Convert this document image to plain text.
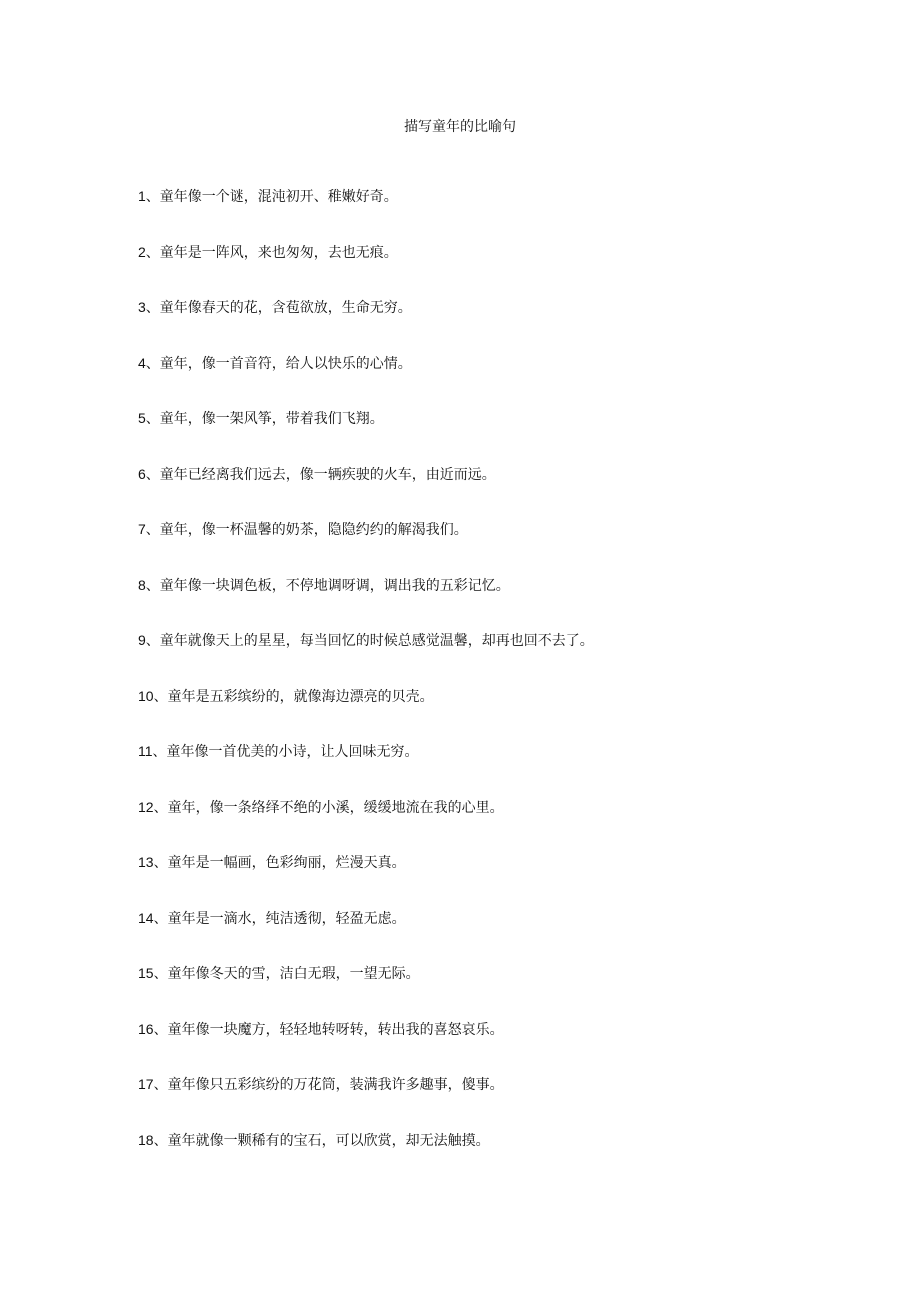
描写童年的比喻句
1、童年像一个谜，混沌初开、稚嫩好奇。
2、童年是一阵风，来也匆匆，去也无痕。
3、童年像春天的花，含苞欲放，生命无穷。
4、童年，像一首音符，给人以快乐的心情。
5、童年，像一架风筝，带着我们飞翔。
6、童年已经离我们远去，像一辆疾驶的火车，由近而远。
7、童年，像一杯温馨的奶茶，隐隐约约的解渴我们。
8、童年像一块调色板，不停地调呀调，调出我的五彩记忆。
9、童年就像天上的星星，每当回忆的时候总感觉温馨，却再也回不去了。
10、童年是五彩缤纷的，就像海边漂亮的贝壳。
11、童年像一首优美的小诗，让人回味无穷。
12、童年，像一条络绎不绝的小溪，缓缓地流在我的心里。
13、童年是一幅画，色彩绚丽，烂漫天真。
14、童年是一滴水，纯洁透彻，轻盈无虑。
15、童年像冬天的雪，洁白无瑕，一望无际。
16、童年像一块魔方，轻轻地转呀转，转出我的喜怒哀乐。
17、童年像只五彩缤纷的万花筒，装满我许多趣事，傻事。
18、童年就像一颗稀有的宝石，可以欣赏，却无法触摸。
